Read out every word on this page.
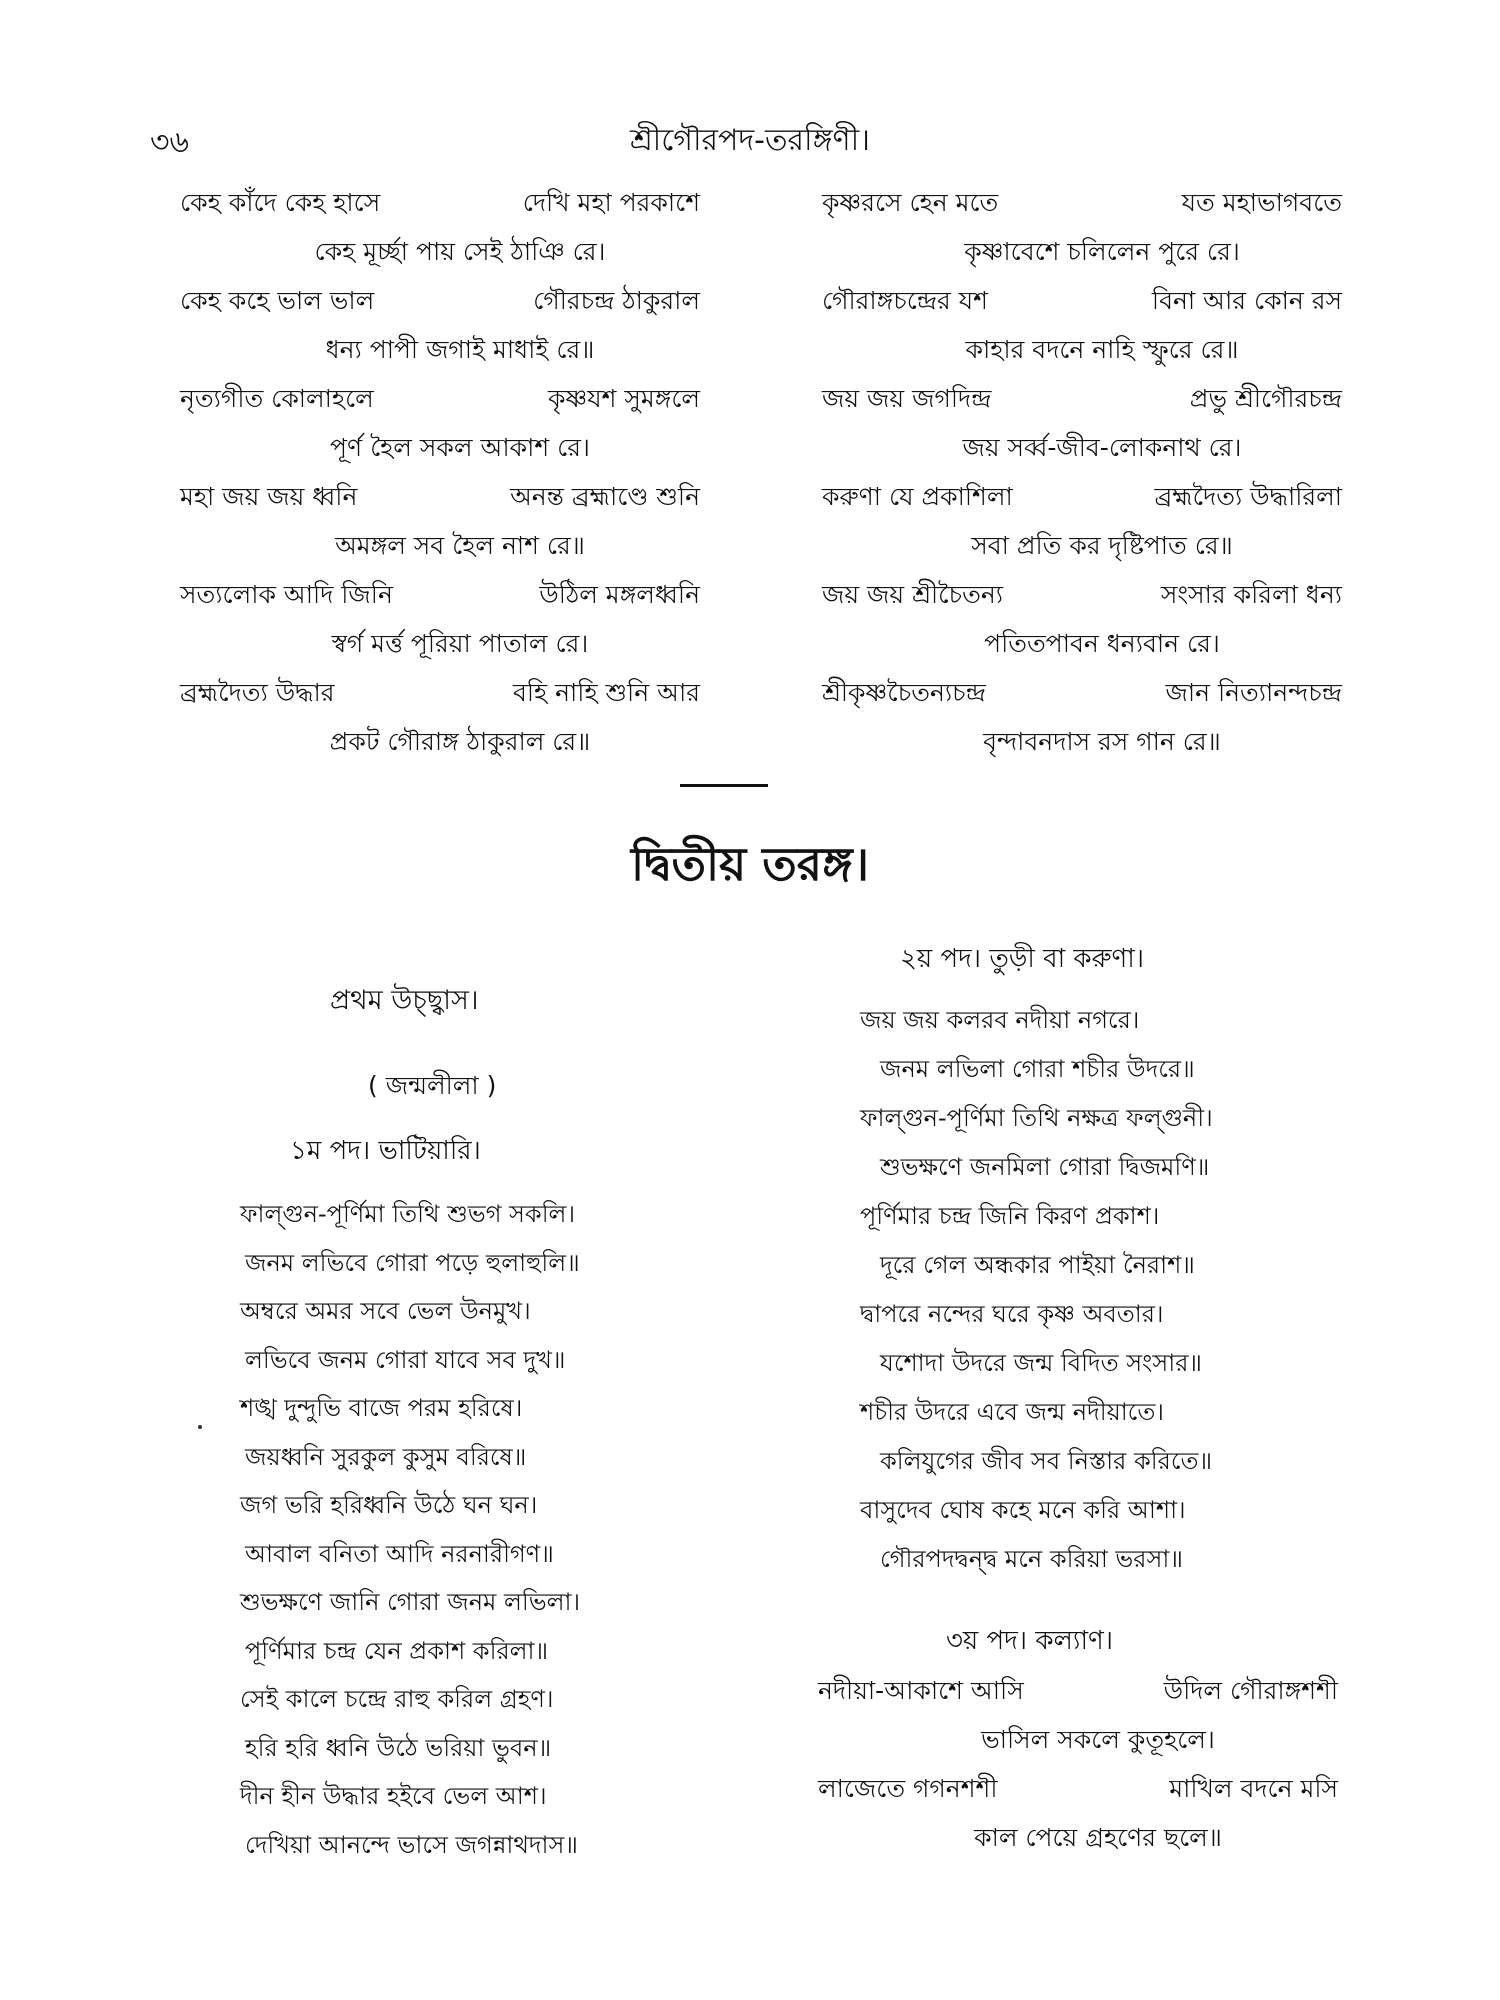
৩৬	শ্রীগৌরপদ-তরঙ্গিণী।
কেহ কাঁদে কেহ হাসে	দেখি মহা পরকাশে
কেহ মূর্চ্ছা পায় সেই ঠাঞি রে।
কেহ কহে ভাল ভাল	গৌরচন্দ্র ঠাকুরাল
ধন্য পাপী জগাই মাধাই রে॥
নৃত্যগীত কোলাহলে	কৃষ্ণযশ সুমঙ্গলে
পূর্ণ হৈল সকল আকাশ রে।
মহা জয় জয় ধ্বনি	অনন্ত ব্রহ্মাণ্ডে শুনি
অমঙ্গল সব হৈল নাশ রে॥
সত্যলোক আদি জিনি	উঠিল মঙ্গলধ্বনি
স্বর্গ মর্ত্ত পূরিয়া পাতাল রে।
ব্রহ্মদৈত্য উদ্ধার	বহি নাহি শুনি আর
প্রকট গৌরাঙ্গ ঠাকুরাল রে॥
কৃষ্ণরসে হেন মতে	যত মহাভাগবতে
কৃষ্ণাবেশে চলিলেন পুরে রে।
গৌরাঙ্গচন্দ্রের যশ	বিনা আর কোন রস
কাহার বদনে নাহি স্ফুরে রে॥
জয় জয় জগদিন্দ্র	প্রভু শ্রীগৌরচন্দ্র
জয় সর্ব্ব-জীব-লোকনাথ রে।
করুণা যে প্রকাশিলা	ব্রহ্মদৈত্য উদ্ধারিলা
সবা প্রতি কর দৃষ্টিপাত রে॥
জয় জয় শ্রীচৈতন্য	সংসার করিলা ধন্য
পতিতপাবন ধন্যবান রে।
শ্রীকৃষ্ণচৈতন্যচন্দ্র	জান নিত্যানন্দচন্দ্র
বৃন্দাবনদাস রস গান রে॥
দ্বিতীয় তরঙ্গ।
প্রথম উচ্ছ্বাস।
( জন্মলীলা )
১ম পদ। ভাটিয়ারি।
ফাল্গুন-পূর্ণিমা তিথি শুভগ সকলি।
জনম লভিবে গোরা পড়ে হুলাহুলি॥
অম্বরে অমর সবে ভেল উনমুখ।
লভিবে জনম গোরা যাবে সব দুখ॥
শঙ্খ দুন্দুভি বাজে পরম হরিষে।
জয়ধ্বনি সুরকুল কুসুম বরিষে॥
জগ ভরি হরিধ্বনি উঠে ঘন ঘন।
আবাল বনিতা আদি নরনারীগণ॥
শুভক্ষণে জানি গোরা জনম লভিলা।
পূর্ণিমার চন্দ্র যেন প্রকাশ করিলা॥
সেই কালে চন্দ্রে রাহু করিল গ্রহণ।
হরি হরি ধ্বনি উঠে ভরিয়া ভুবন॥
দীন হীন উদ্ধার হইবে ভেল আশ।
দেখিয়া আনন্দে ভাসে জগন্নাথদাস॥
২য় পদ। তুড়ী বা করুণা।
জয় জয় কলরব নদীয়া নগরে।
জনম লভিলা গোরা শচীর উদরে॥
ফাল্গুন-পূর্ণিমা তিথি নক্ষত্র ফল্গুনী।
শুভক্ষণে জনমিলা গোরা দ্বিজমণি॥
পূর্ণিমার চন্দ্র জিনি কিরণ প্রকাশ।
দূরে গেল অন্ধকার পাইয়া নৈরাশ॥
দ্বাপরে নন্দের ঘরে কৃষ্ণ অবতার।
যশোদা উদরে জন্ম বিদিত সংসার॥
শচীর উদরে এবে জন্ম নদীয়াতে।
কলিযুগের জীব সব নিস্তার করিতে॥
বাসুদেব ঘোষ কহে মনে করি আশা।
গৌরপদদ্বন্দ্ব মনে করিয়া ভরসা॥
৩য় পদ। কল্যাণ।
নদীয়া-আকাশে আসি	উদিল গৌরাঙ্গশশী
ভাসিল সকলে কুতূহলে।
লাজেতে গগনশশী	মাখিল বদনে মসি
কাল পেয়ে গ্রহণের ছলে॥
